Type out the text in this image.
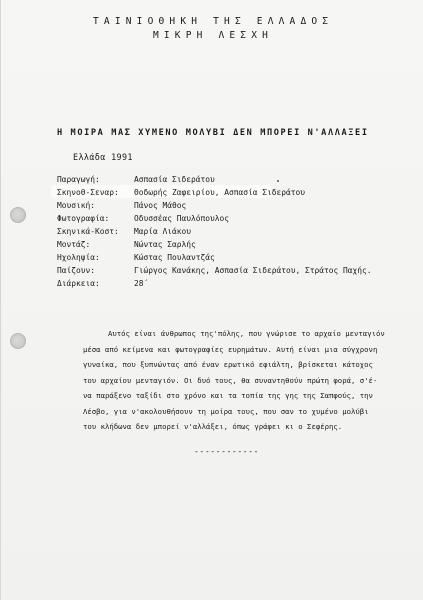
ΤΑΙΝΙΟΘΗΚΗ ΤΗΣ ΕΛΛΑΔΟΣ
ΜΙΚΡΗ ΛΕΣΧΗ
Η ΜΟΙΡΑ ΜΑΣ ΧΥΜΕΝΟ ΜΟΛΥΒΙ ΔΕΝ ΜΠΟΡΕΙ Ν'ΑΛΛΑΞΕΙ
Ελλάδα 1991
Παραγωγή:	Ασπασία Σιδεράτου
Σκηνοθ-Σεναρ: Θοδωρής Ζαφειρίου, Ασπασία Σιδεράτου
Μουσική:	Πάνος Μάθος
Φωτογραφία:	Οδυσσέας Παυλόπουλος
Σκηνικά-Κοστ: Μαρία Λιάκου
Μοντάζ:	Νώντας Σαρλής
Ηχοληψία:	Κώστας Πουλαντζάς
Παίζουν:	Γιώργος Κανάκης, Ασπασία Σιδεράτου, Στράτος Παχής.
Διάρκεια:	28΄
Αυτός είναι άνθρωπος της'πόλης, που γνώρισε το αρχαίο μενταγιόν
μέσα από κείμενα και φωτογραφίες ευρημάτων. Αυτή είναι μια σύγχρονη
γυναίκα, που ξυπνώντας από έναν ερωτικό εφιάλτη, βρίσκεται κάτοχος
του αρχαίου μενταγιόν. Οι δυό τους, θα συναντηθούν πρώτη φορά, σ'έ-
να παράξενο ταξίδι στο χρόνο και τα τοπία της γης της Σαπφούς, την
Λέσβο, για ν'ακολουθήσουν τη μοίρα τους, που σαν το χυμένο μολύβι
του κλήδωνα δεν μπορεί ν'αλλάξει, όπως γράφει κι ο Σεφέρης.
------------
